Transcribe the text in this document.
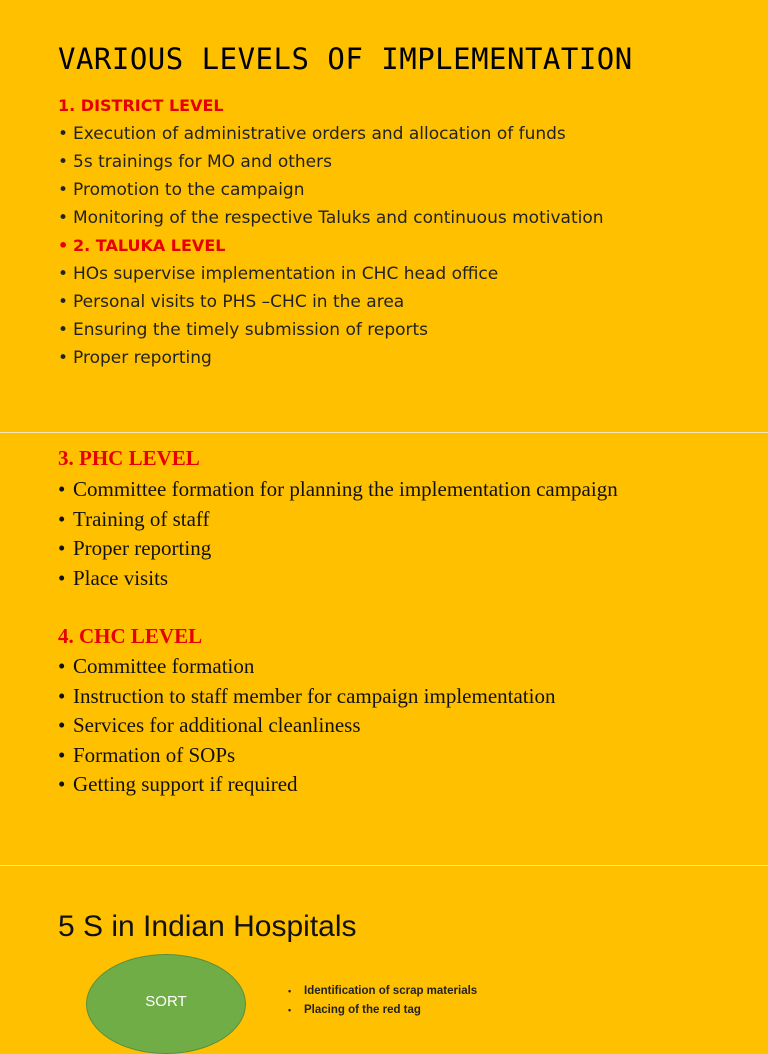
VARIOUS LEVELS OF IMPLEMENTATION
1. DISTRICT LEVEL
• Execution of administrative orders and allocation of funds
• 5s trainings for MO and others
• Promotion to the campaign
• Monitoring of the respective Taluks and continuous motivation
• 2. TALUKA LEVEL
• HOs supervise implementation in CHC head office
• Personal visits to PHS –CHC in the area
• Ensuring the timely submission of reports
• Proper reporting
3. PHC LEVEL
• Committee formation for planning the implementation campaign
• Training of staff
• Proper reporting
• Place visits
4. CHC LEVEL
• Committee formation
• Instruction to staff member for campaign implementation
• Services for additional cleanliness
• Formation of SOPs
• Getting support if required
5 S in Indian Hospitals
SORT
• Identification of scrap materials
• Placing of the red tag
